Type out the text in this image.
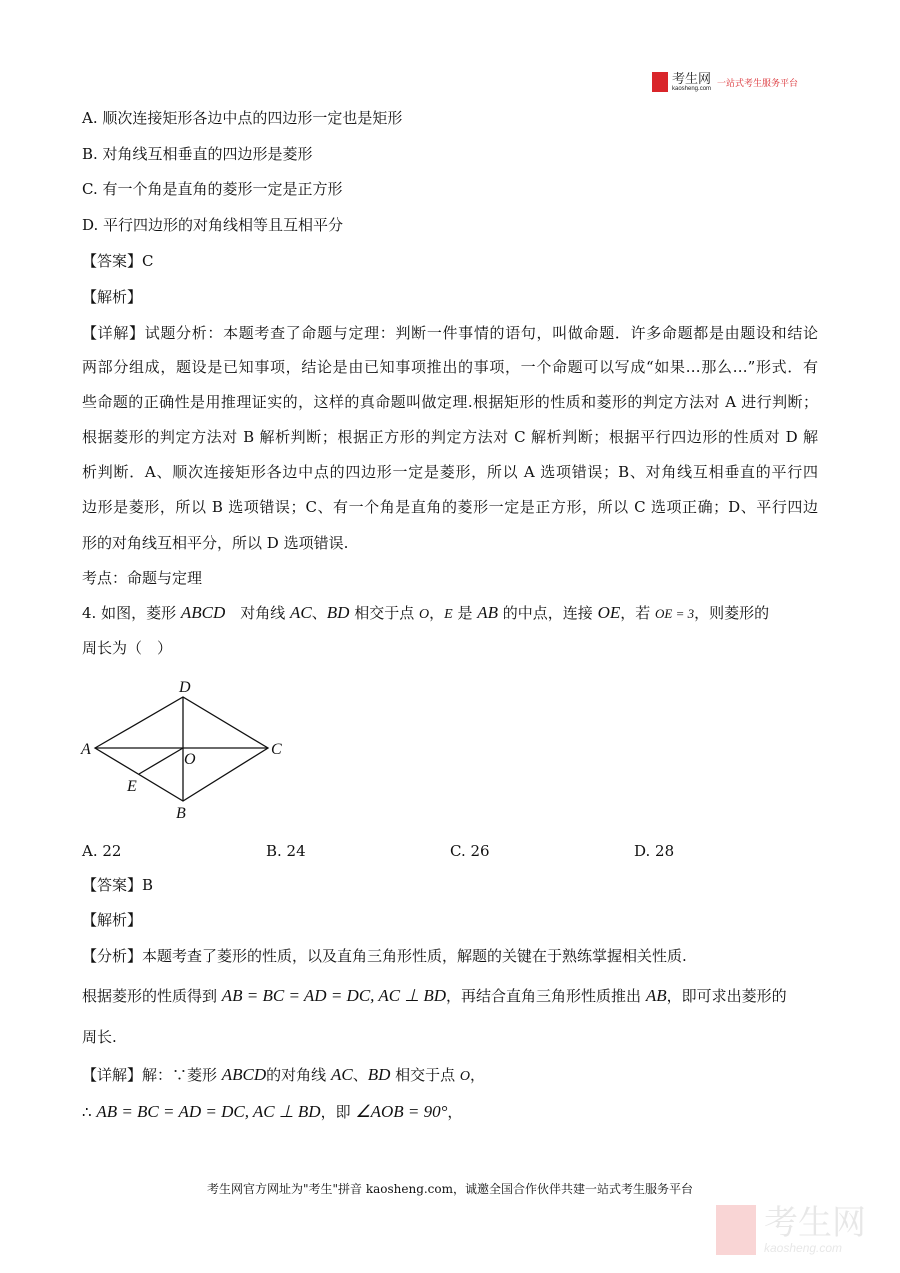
考生网
kaosheng.com 一站式考生服务平台
A. 顺次连接矩形各边中点的四边形一定也是矩形
B. 对角线互相垂直的四边形是菱形
C. 有一个角是直角的菱形一定是正方形
D. 平行四边形的对角线相等且互相平分
【答案】C
【解析】
【详解】试题分析：本题考查了命题与定理：判断一件事情的语句，叫做命题．许多命题都是由题设和结论
两部分组成，题设是已知事项，结论是由已知事项推出的事项，一个命题可以写成“如果…那么…”形式．有
些命题的正确性是用推理证实的，这样的真命题叫做定理.根据矩形的性质和菱形的判定方法对 A 进行判断；
根据菱形的判定方法对 B 解析判断；根据正方形的判定方法对 C 解析判断；根据平行四边形的性质对 D 解
析判断．A、顺次连接矩形各边中点的四边形一定是菱形，所以 A 选项错误；B、对角线互相垂直的平行四
边形是菱形，所以 B 选项错误；C、有一个角是直角的菱形一定是正方形，所以 C 选项正确；D、平行四边
形的对角线互相平分，所以 D 选项错误.
考点：命题与定理
4. 如图，菱形 ABCD　对角线 AC、BD 相交于点 O，E 是 AB 的中点，连接 OE，若 OE = 3，则菱形的
周长为（　）
D
A	C
O
E
B
A. 22	B. 24	C. 26	D. 28
【答案】B
【解析】
【分析】本题考查了菱形的性质，以及直角三角形性质，解题的关键在于熟练掌握相关性质.
根据菱形的性质得到 AB = BC = AD = DC, AC ⊥ BD，再结合直角三角形性质推出 AB，即可求出菱形的
周长.
【详解】解：∵菱形 ABCD的对角线 AC、BD 相交于点 O，
∴ AB = BC = AD = DC, AC ⊥ BD，即 ∠AOB = 90°，
考生网官方网址为"考生"拼音 kaosheng.com，诚邀全国合作伙伴共建一站式考生服务平台
考生网
kaosheng.com
